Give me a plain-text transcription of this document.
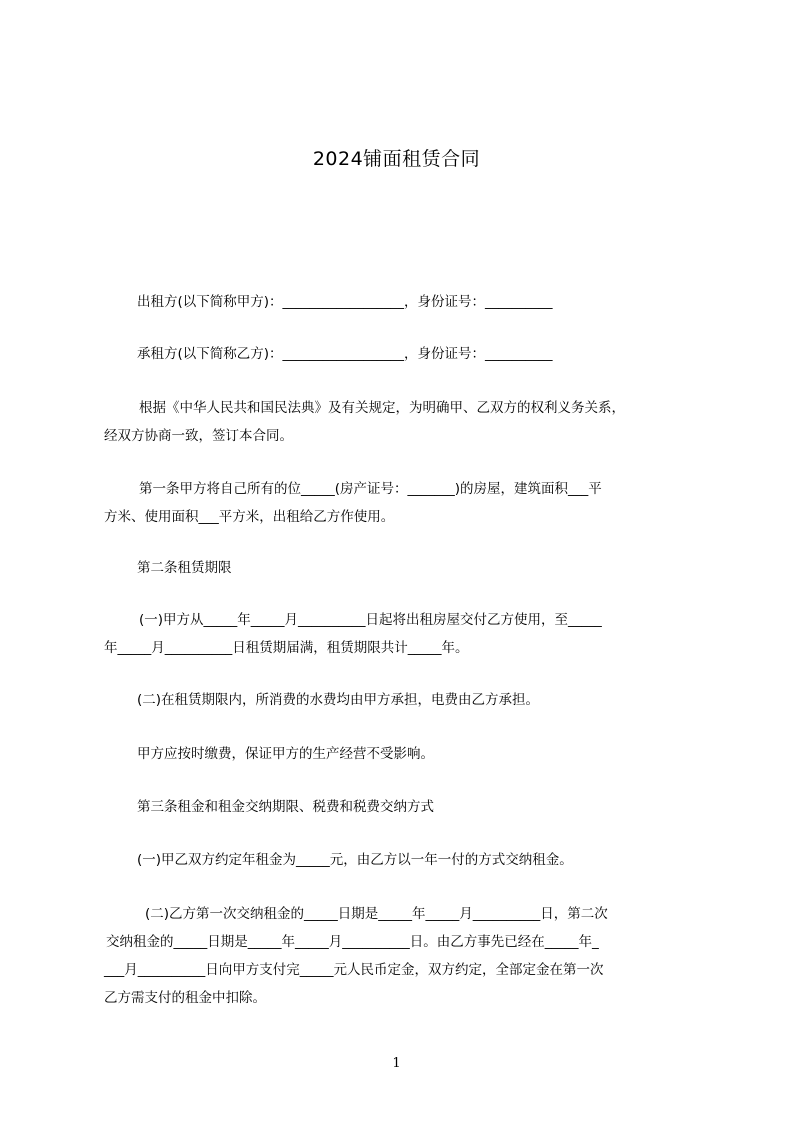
2024铺面租赁合同
出租方(以下简称甲方)：__________________，身份证号：__________
承租方(以下简称乙方)：__________________，身份证号：__________
根据《中华人民共和国民法典》及有关规定，为明确甲、乙双方的权利义务关系，
经双方协商一致，签订本合同。
第一条甲方将自己所有的位_____(房产证号：_______)的房屋，建筑面积___平
方米、使用面积___平方米，出租给乙方作使用。
第二条租赁期限
(一)甲方从_____年_____月__________日起将出租房屋交付乙方使用，至_____
年_____月__________日租赁期届满，租赁期限共计_____年。
(二)在租赁期限内，所消费的水费均由甲方承担，电费由乙方承担。
甲方应按时缴费，保证甲方的生产经营不受影响。
第三条租金和租金交纳期限、税费和税费交纳方式
(一)甲乙双方约定年租金为_____元，由乙方以一年一付的方式交纳租金。
(二)乙方第一次交纳租金的_____日期是_____年_____月__________日，第二次
交纳租金的_____日期是_____年_____月__________日。由乙方事先已经在_____年_
___月__________日向甲方支付完_____元人民币定金，双方约定，全部定金在第一次
乙方需支付的租金中扣除。
1
